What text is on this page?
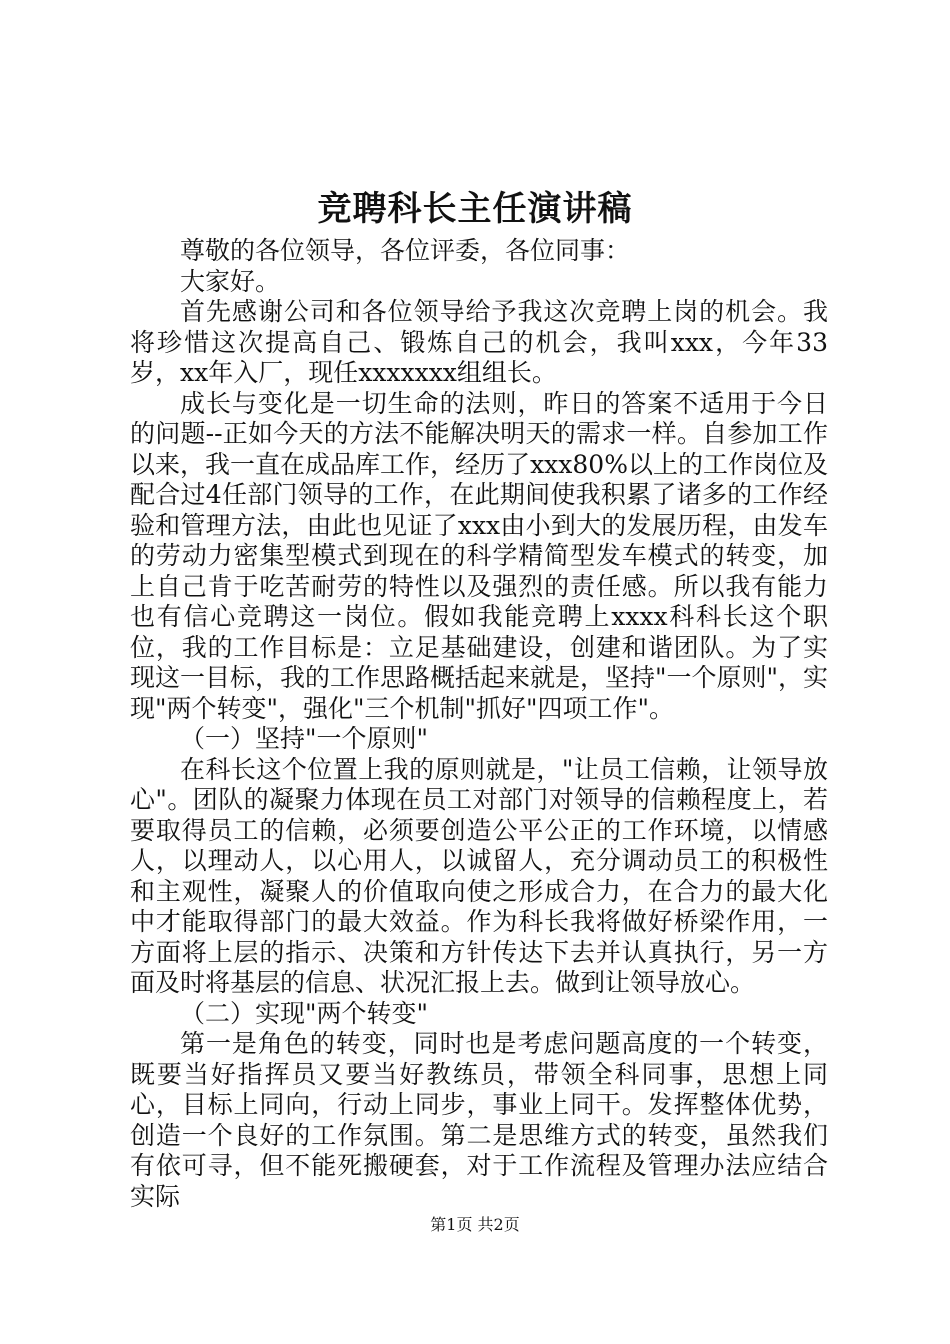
竞聘科长主任演讲稿

尊敬的各位领导，各位评委，各位同事：

大家好。

首先感谢公司和各位领导给予我这次竞聘上岗的机会。我将珍惜这次提高自己、锻炼自己的机会，我叫xxx，今年33岁，xx年入厂，现任xxxxxxx组组长。

成长与变化是一切生命的法则，昨日的答案不适用于今日的问题--正如今天的方法不能解决明天的需求一样。自参加工作以来，我一直在成品库工作，经历了xxx80%以上的工作岗位及配合过4任部门领导的工作，在此期间使我积累了诸多的工作经验和管理方法，由此也见证了xxx由小到大的发展历程，由发车的劳动力密集型模式到现在的科学精简型发车模式的转变，加上自己肯于吃苦耐劳的特性以及强烈的责任感。所以我有能力也有信心竞聘这一岗位。假如我能竞聘上xxxx科科长这个职位，我的工作目标是：立足基础建设，创建和谐团队。为了实现这一目标，我的工作思路概括起来就是，坚持"一个原则"，实现"两个转变"，强化"三个机制"抓好"四项工作"。

（一）坚持"一个原则"

在科长这个位置上我的原则就是，"让员工信赖，让领导放心"。团队的凝聚力体现在员工对部门对领导的信赖程度上，若要取得员工的信赖，必须要创造公平公正的工作环境，以情感人，以理动人，以心用人，以诚留人，充分调动员工的积极性和主观性，凝聚人的价值取向使之形成合力，在合力的最大化中才能取得部门的最大效益。作为科长我将做好桥梁作用，一方面将上层的指示、决策和方针传达下去并认真执行，另一方面及时将基层的信息、状况汇报上去。做到让领导放心。

（二）实现"两个转变"

第一是角色的转变，同时也是考虑问题高度的一个转变，既要当好指挥员又要当好教练员，带领全科同事，思想上同心，目标上同向，行动上同步，事业上同干。发挥整体优势，创造一个良好的工作氛围。第二是思维方式的转变，虽然我们有依可寻，但不能死搬硬套，对于工作流程及管理办法应结合实际

第1页 共2页
